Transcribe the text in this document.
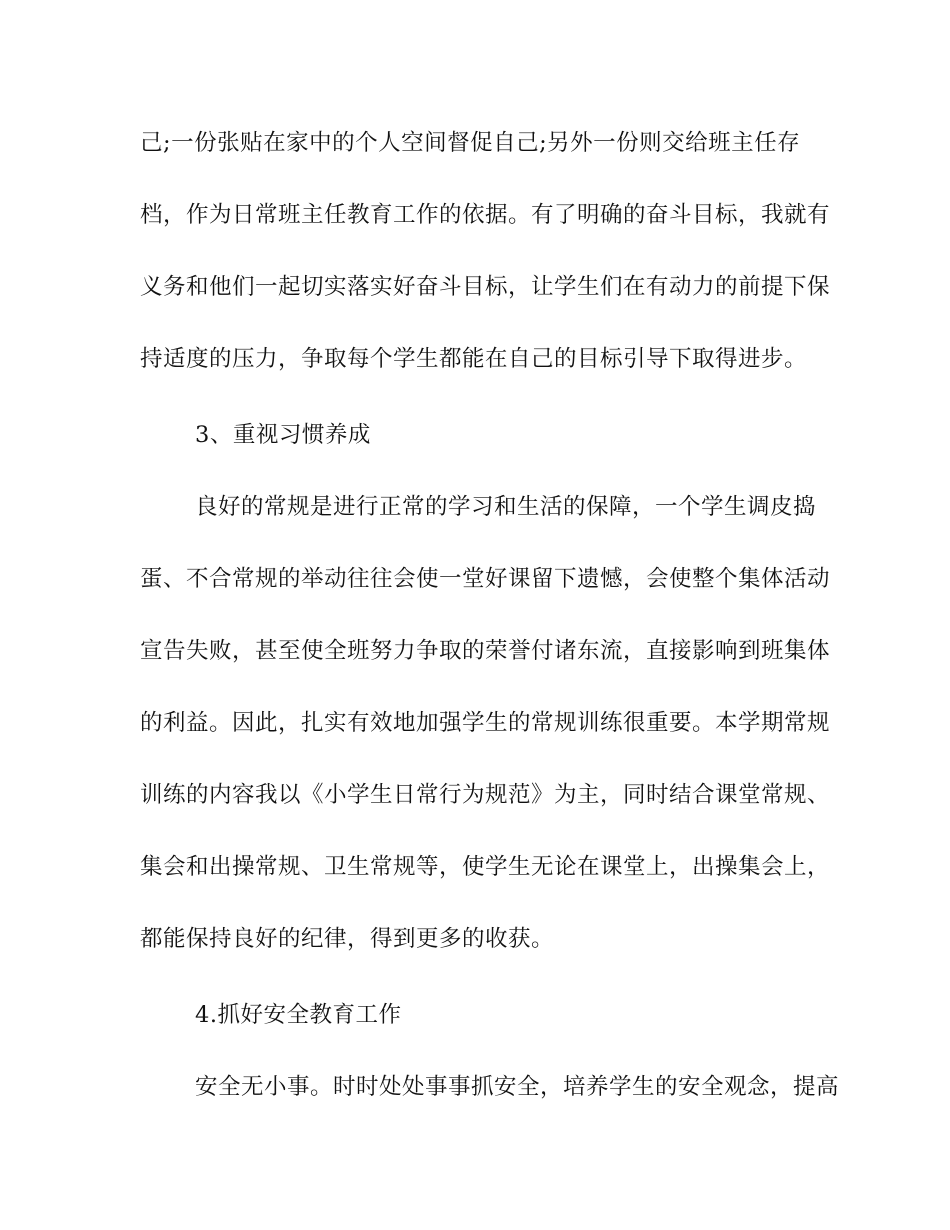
己;一份张贴在家中的个人空间督促自己;另外一份则交给班主任存
档，作为日常班主任教育工作的依据。有了明确的奋斗目标，我就有
义务和他们一起切实落实好奋斗目标，让学生们在有动力的前提下保
持适度的压力，争取每个学生都能在自己的目标引导下取得进步。
3、重视习惯养成
良好的常规是进行正常的学习和生活的保障，一个学生调皮捣
蛋、不合常规的举动往往会使一堂好课留下遗憾，会使整个集体活动
宣告失败，甚至使全班努力争取的荣誉付诸东流，直接影响到班集体
的利益。因此，扎实有效地加强学生的常规训练很重要。本学期常规
训练的内容我以《小学生日常行为规范》为主，同时结合课堂常规、
集会和出操常规、卫生常规等，使学生无论在课堂上，出操集会上，
都能保持良好的纪律，得到更多的收获。
4.抓好安全教育工作
安全无小事。时时处处事事抓安全，培养学生的安全观念，提高
